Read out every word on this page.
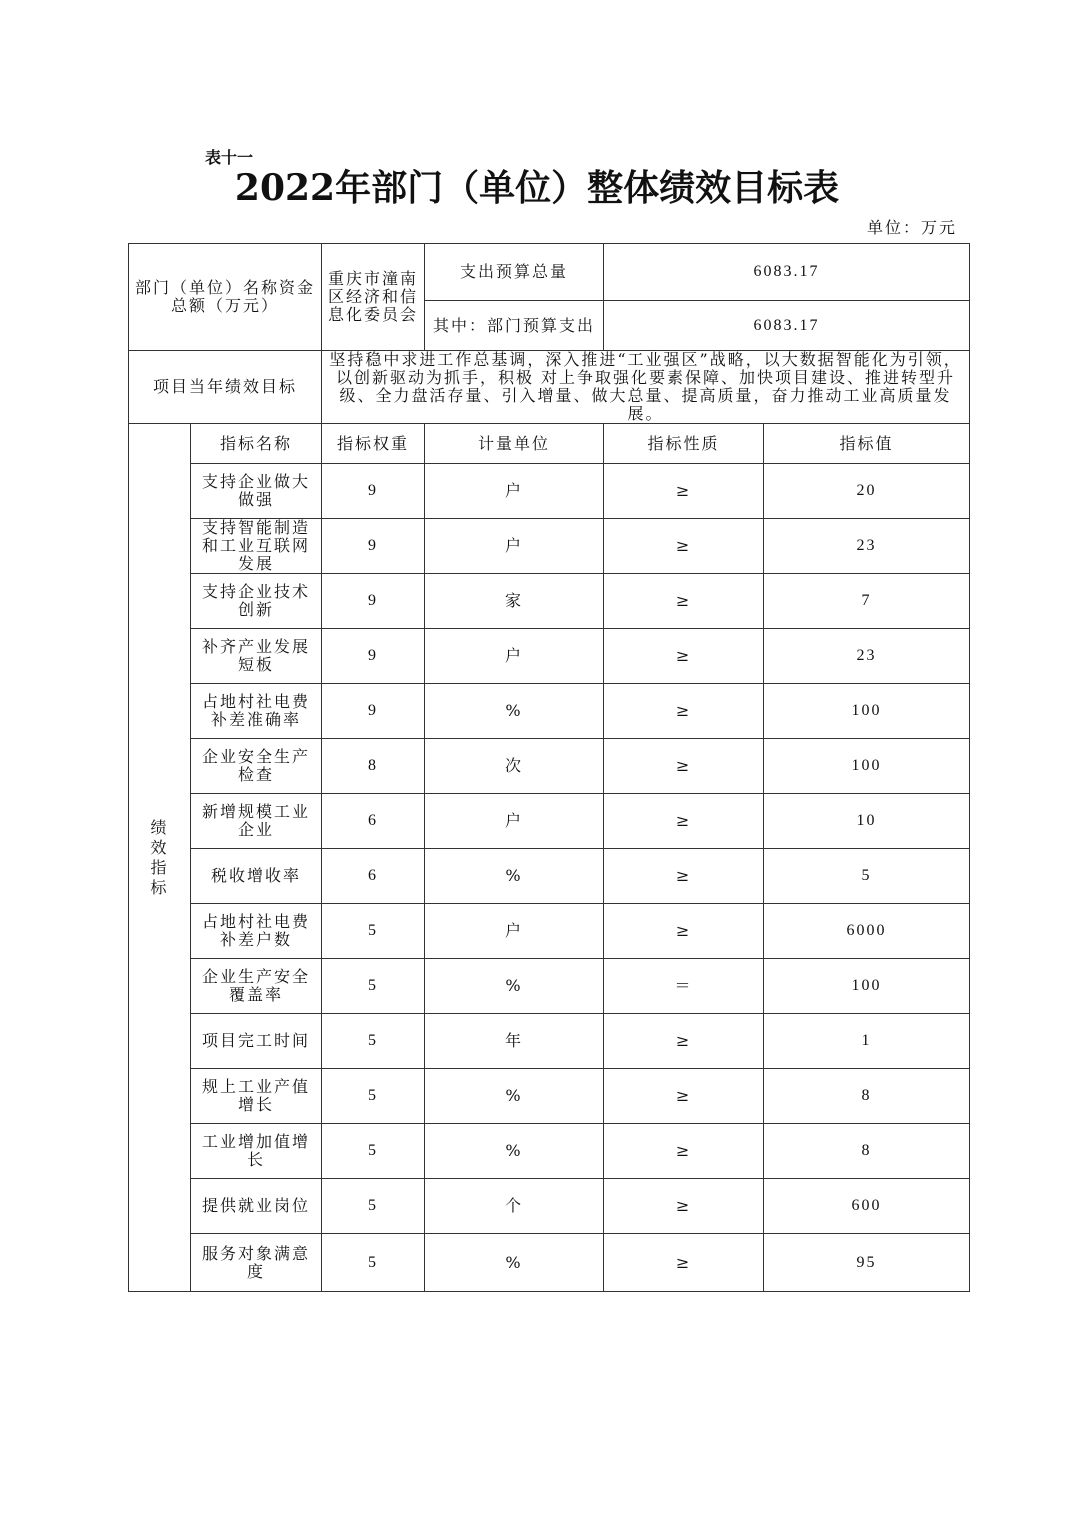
表十一
2022年部门（单位）整体绩效目标表
单位：万元
部门（单位）名称资金总额（万元）		重庆市潼南区经济和信息化委员会	支出预算总量	6083.17	
			其中：部门预算支出	6083.17	
项目当年绩效目标		坚持稳中求进工作总基调，深入推进“工业强区”战略，以大数据智能化为引领，以创新驱动为抓手，积极 对上争取强化要素保障、加快项目建设、推进转型升级、全力盘活存量、引入增量、做大总量、提高质量，奋力推动工业高质量发展。			
绩效指标	指标名称	指标权重	计量单位	指标性质	指标值
	支持企业做大做强	9	户	≥	20
	支持智能制造和工业互联网发展	9	户	≥	23
	支持企业技术创新	9	家	≥	7
	补齐产业发展短板	9	户	≥	23
	占地村社电费补差准确率	9	%	≥	100
	企业安全生产检查	8	次	≥	100
	新增规模工业企业	6	户	≥	10
	税收增收率	6	%	≥	5
	占地村社电费补差户数	5	户	≥	6000
	企业生产安全覆盖率	5	%	＝	100
	项目完工时间	5	年	≥	1
	规上工业产值增长	5	%	≥	8
	工业增加值增长	5	%	≥	8
	提供就业岗位	5	个	≥	600
	服务对象满意度	5	%	≥	95
